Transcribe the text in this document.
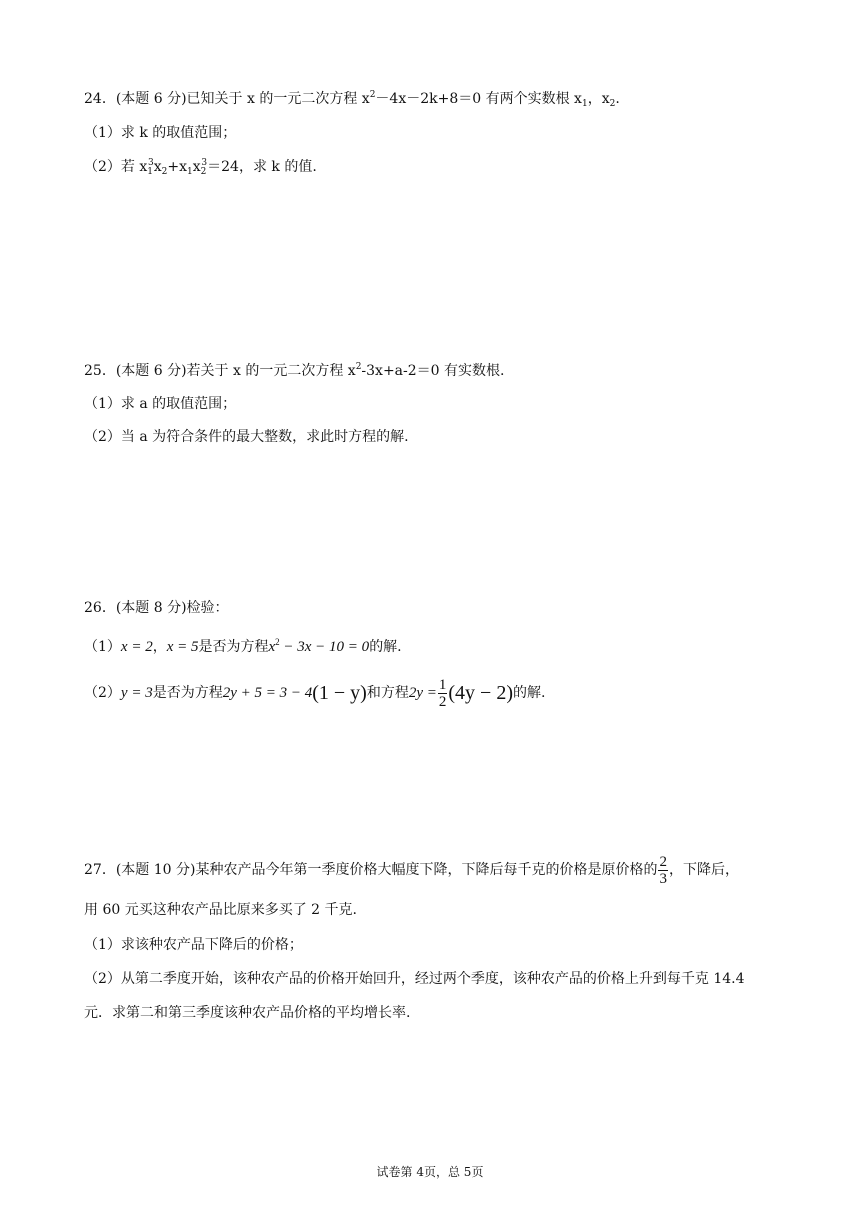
24．(本题 6 分)已知关于 x 的一元二次方程 $x^2-4x-2k+8=0$ 有两个实数根 $x_1$，$x_2$.
（1）求 k 的取值范围；
（2）若 $x_1^3x_2+x_1x_2^3=24$，求 k 的值.
25．(本题 6 分)若关于 x 的一元二次方程 $x^2-3x+a-2=0$ 有实数根.
（1）求 a 的取值范围；
（2）当 a 为符合条件的最大整数，求此时方程的解.
26．(本题 8 分)检验：
（1）x = 2，x = 5是否为方程$x^2 - 3x - 10 = 0$的解.
（2）y = 3是否为方程2y + 5 = 3 − 4(1 − y)和方程$2y = \frac{1}{2} (4y - 2)$的解.
27．(本题 10 分)某种农产品今年第一季度价格大幅度下降，下降后每千克的价格是原价格的 $\frac{2}{3}$ ，下降后，
用 60 元买这种农产品比原来多买了 2 千克.
（1）求该种农产品下降后的价格；
（2）从第二季度开始，该种农产品的价格开始回升，经过两个季度，该种农产品的价格上升到每千克 14.4
元．求第二和第三季度该种农产品价格的平均增长率.
试卷第 4页，总 5页
